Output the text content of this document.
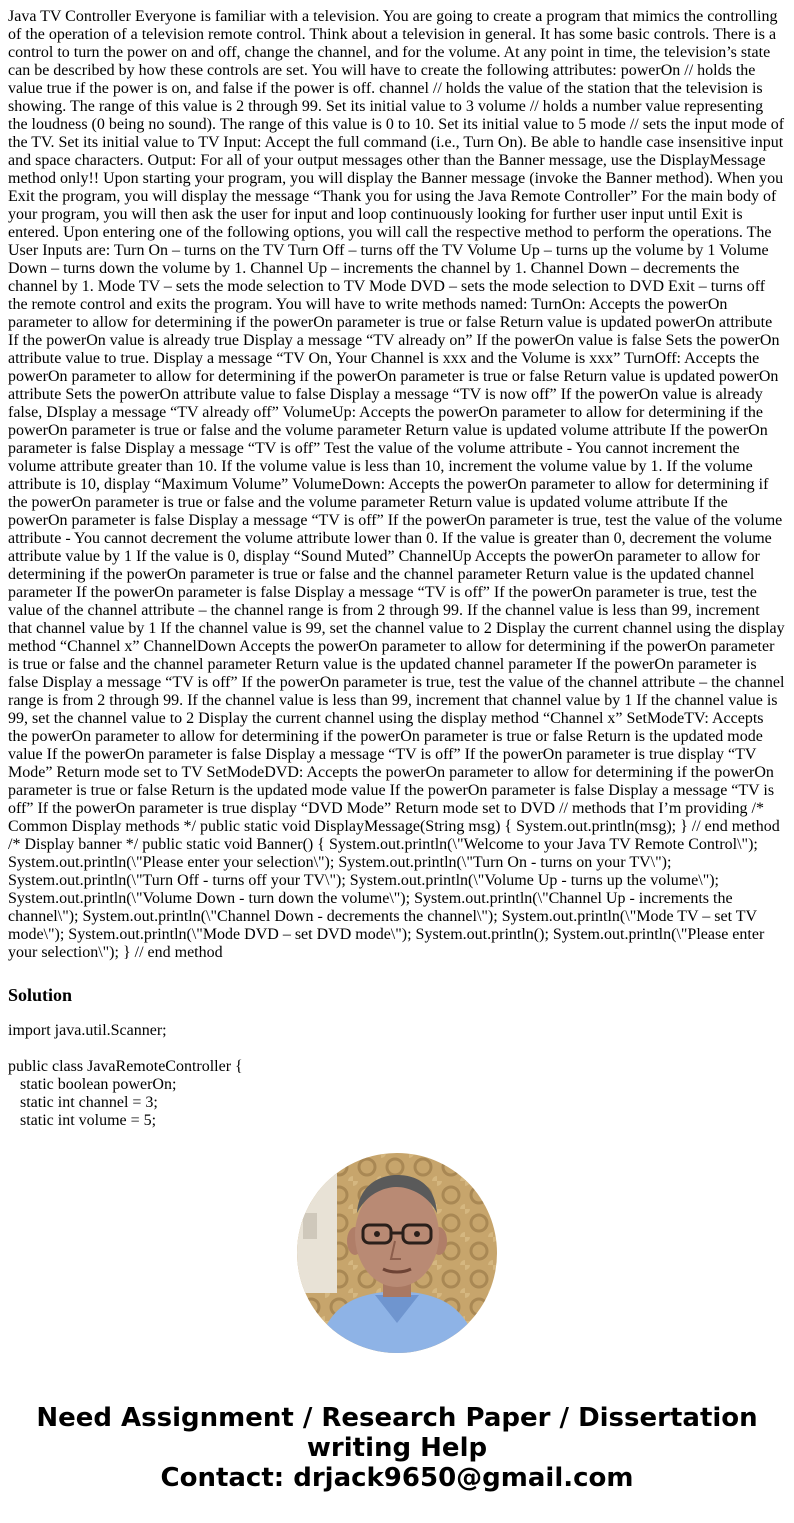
Java TV Controller Everyone is familiar with a television. You are going to create a program that mimics the controlling of the operation of a television remote control. Think about a television in general. It has some basic controls. There is a control to turn the power on and off, change the channel, and for the volume. At any point in time, the television’s state can be described by how these controls are set. You will have to create the following attributes: powerOn // holds the value true if the power is on, and false if the power is off. channel // holds the value of the station that the television is showing. The range of this value is 2 through 99. Set its initial value to 3 volume // holds a number value representing the loudness (0 being no sound). The range of this value is 0 to 10. Set its initial value to 5 mode // sets the input mode of the TV. Set its initial value to TV Input: Accept the full command (i.e., Turn On). Be able to handle case insensitive input and space characters. Output: For all of your output messages other than the Banner message, use the DisplayMessage method only!! Upon starting your program, you will display the Banner message (invoke the Banner method). When you Exit the program, you will display the message “Thank you for using the Java Remote Controller” For the main body of your program, you will then ask the user for input and loop continuously looking for further user input until Exit is entered. Upon entering one of the following options, you will call the respective method to perform the operations. The User Inputs are: Turn On – turns on the TV Turn Off – turns off the TV Volume Up – turns up the volume by 1 Volume Down – turns down the volume by 1. Channel Up – increments the channel by 1. Channel Down – decrements the channel by 1. Mode TV – sets the mode selection to TV Mode DVD – sets the mode selection to DVD Exit – turns off the remote control and exits the program. You will have to write methods named: TurnOn: Accepts the powerOn parameter to allow for determining if the powerOn parameter is true or false Return value is updated powerOn attribute If the powerOn value is already true Display a message “TV already on” If the powerOn value is false Sets the powerOn attribute value to true. Display a message “TV On, Your Channel is xxx and the Volume is xxx” TurnOff: Accepts the powerOn parameter to allow for determining if the powerOn parameter is true or false Return value is updated powerOn attribute Sets the powerOn attribute value to false Display a message “TV is now off” If the powerOn value is already false, DIsplay a message “TV already off” VolumeUp: Accepts the powerOn parameter to allow for determining if the powerOn parameter is true or false and the volume parameter Return value is updated volume attribute If the powerOn parameter is false Display a message “TV is off” Test the value of the volume attribute - You cannot increment the volume attribute greater than 10. If the volume value is less than 10, increment the volume value by 1. If the volume attribute is 10, display “Maximum Volume” VolumeDown: Accepts the powerOn parameter to allow for determining if the powerOn parameter is true or false and the volume parameter Return value is updated volume attribute If the powerOn parameter is false Display a message “TV is off” If the powerOn parameter is true, test the value of the volume attribute - You cannot decrement the volume attribute lower than 0. If the value is greater than 0, decrement the volume attribute value by 1 If the value is 0, display “Sound Muted” ChannelUp Accepts the powerOn parameter to allow for determining if the powerOn parameter is true or false and the channel parameter Return value is the updated channel parameter If the powerOn parameter is false Display a message “TV is off” If the powerOn parameter is true, test the value of the channel attribute – the channel range is from 2 through 99. If the channel value is less than 99, increment that channel value by 1 If the channel value is 99, set the channel value to 2 Display the current channel using the display method “Channel x” ChannelDown Accepts the powerOn parameter to allow for determining if the powerOn parameter is true or false and the channel parameter Return value is the updated channel parameter If the powerOn parameter is false Display a message “TV is off” If the powerOn parameter is true, test the value of the channel attribute – the channel range is from 2 through 99. If the channel value is less than 99, increment that channel value by 1 If the channel value is 99, set the channel value to 2 Display the current channel using the display method “Channel x” SetModeTV: Accepts the powerOn parameter to allow for determining if the powerOn parameter is true or false Return is the updated mode value If the powerOn parameter is false Display a message “TV is off” If the powerOn parameter is true display “TV Mode” Return mode set to TV SetModeDVD: Accepts the powerOn parameter to allow for determining if the powerOn parameter is true or false Return is the updated mode value If the powerOn parameter is false Display a message “TV is off” If the powerOn parameter is true display “DVD Mode” Return mode set to DVD // methods that I’m providing /* Common Display methods */ public static void DisplayMessage(String msg) { System.out.println(msg); } // end method /* Display banner */ public static void Banner() { System.out.println(\"Welcome to your Java TV Remote Control\"); System.out.println(\"Please enter your selection\"); System.out.println(\"Turn On - turns on your TV\"); System.out.println(\"Turn Off - turns off your TV\"); System.out.println(\"Volume Up - turns up the volume\"); System.out.println(\"Volume Down - turn down the volume\"); System.out.println(\"Channel Up - increments the channel\"); System.out.println(\"Channel Down - decrements the channel\"); System.out.println(\"Mode TV – set TV mode\"); System.out.println(\"Mode DVD – set DVD mode\"); System.out.println(); System.out.println(\"Please enter your selection\"); } // end method
Solution
import java.util.Scanner;
public class JavaRemoteController {
static boolean powerOn;
static int channel = 3;
static int volume = 5;
Need Assignment / Research Paper / Dissertation
writing Help
Contact: drjack9650@gmail.com
